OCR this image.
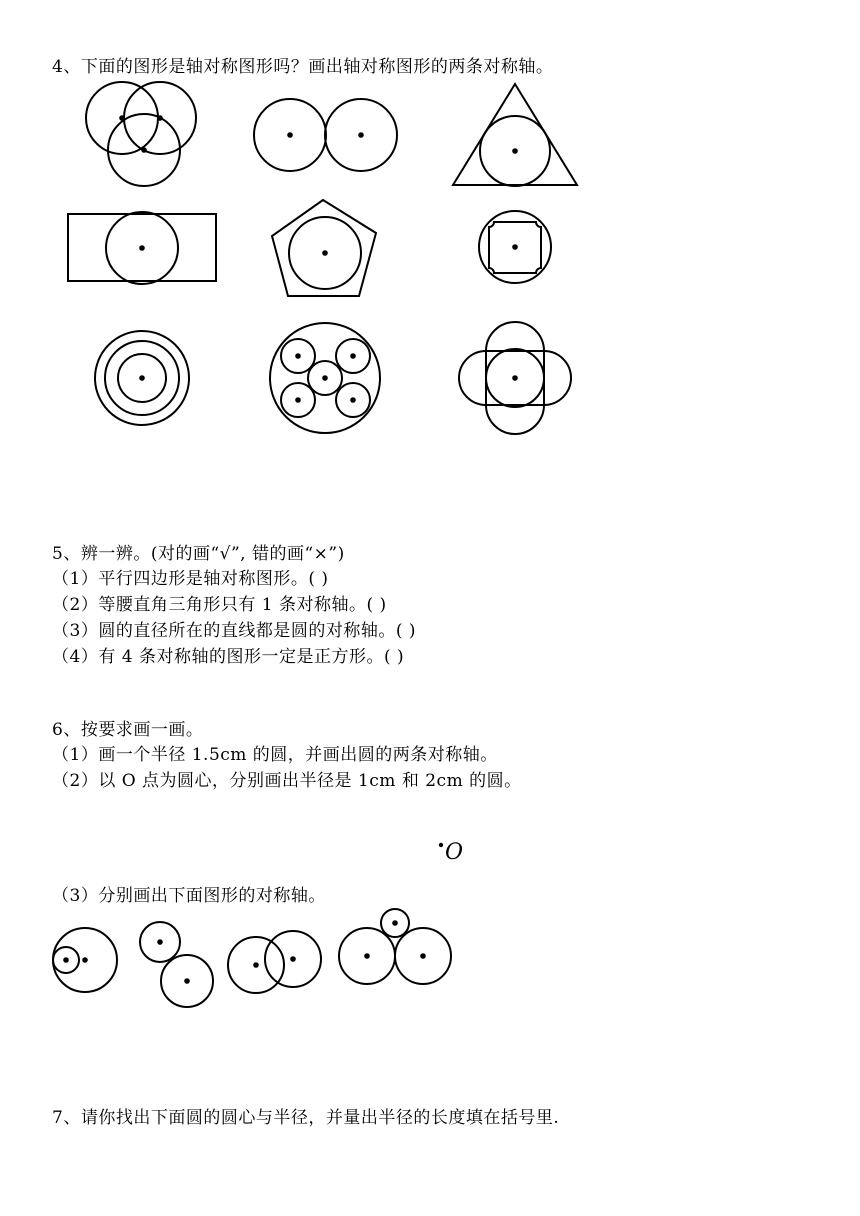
4、下面的图形是轴对称图形吗？画出轴对称图形的两条对称轴。
5、辨一辨。(对的画“√”, 错的画“×”)
（1）平行四边形是轴对称图形。( )
（2）等腰直角三角形只有 1 条对称轴。( )
（3）圆的直径所在的直线都是圆的对称轴。( )
（4）有 4 条对称轴的图形一定是正方形。( )
6、按要求画一画。
（1）画一个半径 1.5cm 的圆，并画出圆的两条对称轴。
（2）以 O 点为圆心，分别画出半径是 1cm 和 2cm 的圆。
O
（3）分别画出下面图形的对称轴。
7、请你找出下面圆的圆心与半径，并量出半径的长度填在括号里.
